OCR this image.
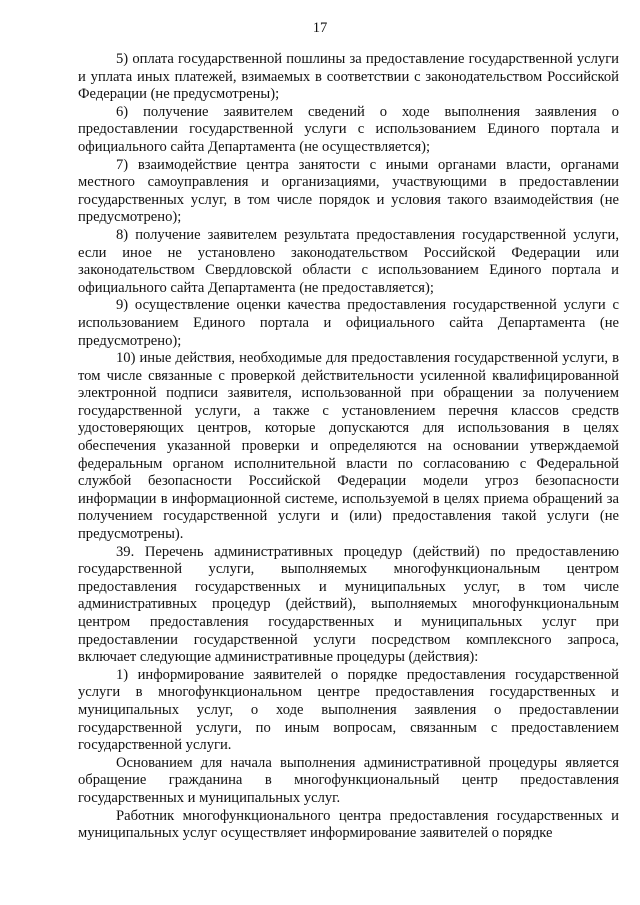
17

5) оплата государственной пошлины за предоставление государственной услуги и уплата иных платежей, взимаемых в соответствии с законодательством Российской Федерации (не предусмотрены);

6) получение заявителем сведений о ходе выполнения заявления о предоставлении государственной услуги с использованием Единого портала и официального сайта Департамента (не осуществляется);

7) взаимодействие центра занятости с иными органами власти, органами местного самоуправления и организациями, участвующими в предоставлении государственных услуг, в том числе порядок и условия такого взаимодействия (не предусмотрено);

8) получение заявителем результата предоставления государственной услуги, если иное не установлено законодательством Российской Федерации или законодательством Свердловской области с использованием Единого портала и официального сайта Департамента (не предоставляется);

9) осуществление оценки качества предоставления государственной услуги с использованием Единого портала и официального сайта Департамента (не предусмотрено);

10) иные действия, необходимые для предоставления государственной услуги, в том числе связанные с проверкой действительности усиленной квалифицированной электронной подписи заявителя, использованной при обращении за получением государственной услуги, а также с установлением перечня классов средств удостоверяющих центров, которые допускаются для использования в целях обеспечения указанной проверки и определяются на основании утверждаемой федеральным органом исполнительной власти по согласованию с Федеральной службой безопасности Российской Федерации модели угроз безопасности информации в информационной системе, используемой в целях приема обращений за получением государственной услуги и (или) предоставления такой услуги (не предусмотрены).

39. Перечень административных процедур (действий) по предоставлению государственной услуги, выполняемых многофункциональным центром предоставления государственных и муниципальных услуг, в том числе административных процедур (действий), выполняемых многофункциональным центром предоставления государственных и муниципальных услуг при предоставлении государственной услуги посредством комплексного запроса, включает следующие административные процедуры (действия):

1) информирование заявителей о порядке предоставления государственной услуги в многофункциональном центре предоставления государственных и муниципальных услуг, о ходе выполнения заявления о предоставлении государственной услуги, по иным вопросам, связанным с предоставлением государственной услуги.

Основанием для начала выполнения административной процедуры является обращение гражданина в многофункциональный центр предоставления государственных и муниципальных услуг.

Работник многофункционального центра предоставления государственных и муниципальных услуг осуществляет информирование заявителей о порядке
